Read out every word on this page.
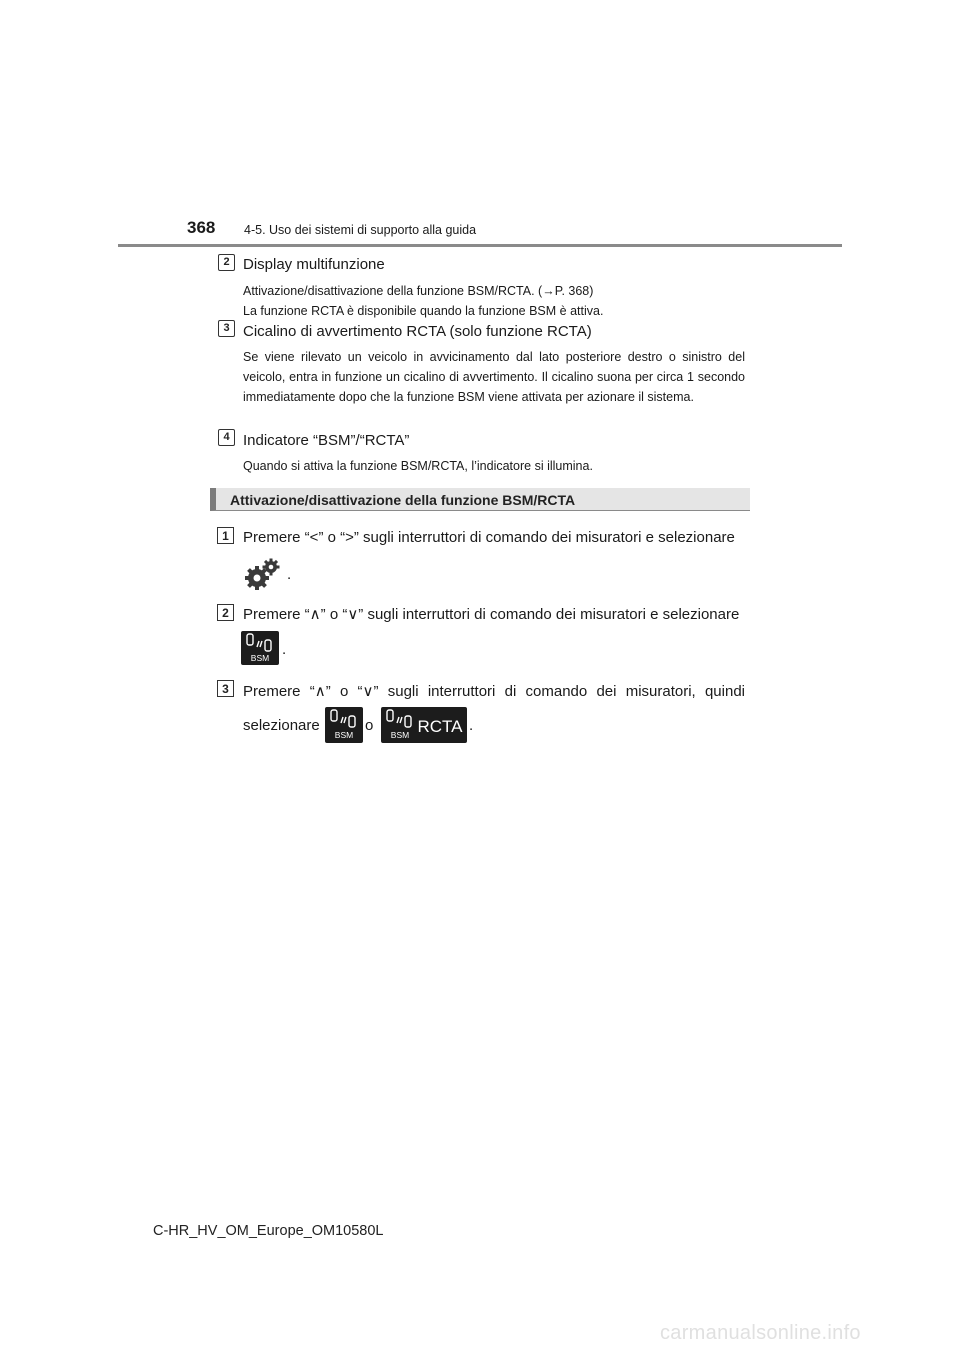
368 4-5. Uso dei sistemi di supporto alla guida
2 Display multifunzione
Attivazione/disattivazione della funzione BSM/RCTA. (→P. 368)
La funzione RCTA è disponibile quando la funzione BSM è attiva.
3 Cicalino di avvertimento RCTA (solo funzione RCTA)
Se viene rilevato un veicolo in avvicinamento dal lato posteriore destro o sinistro del veicolo, entra in funzione un cicalino di avvertimento. Il cicalino suona per circa 1 secondo immediatamente dopo che la funzione BSM viene attivata per azionare il sistema.
4 Indicatore “BSM”/“RCTA”
Quando si attiva la funzione BSM/RCTA, l’indicatore si illumina.
Attivazione/disattivazione della funzione BSM/RCTA
1 Premere “<” o “>” sugli interruttori di comando dei misuratori e selezionare
.
2 Premere “∧” o “∨” sugli interruttori di comando dei misuratori e selezionare
BSM .
3 Premere “∧” o “∨” sugli interruttori di comando dei misuratori, quindi
selezionare
BSM
o
BSM RCTA .
C-HR_HV_OM_Europe_OM10580L
carmanualsonline.info
